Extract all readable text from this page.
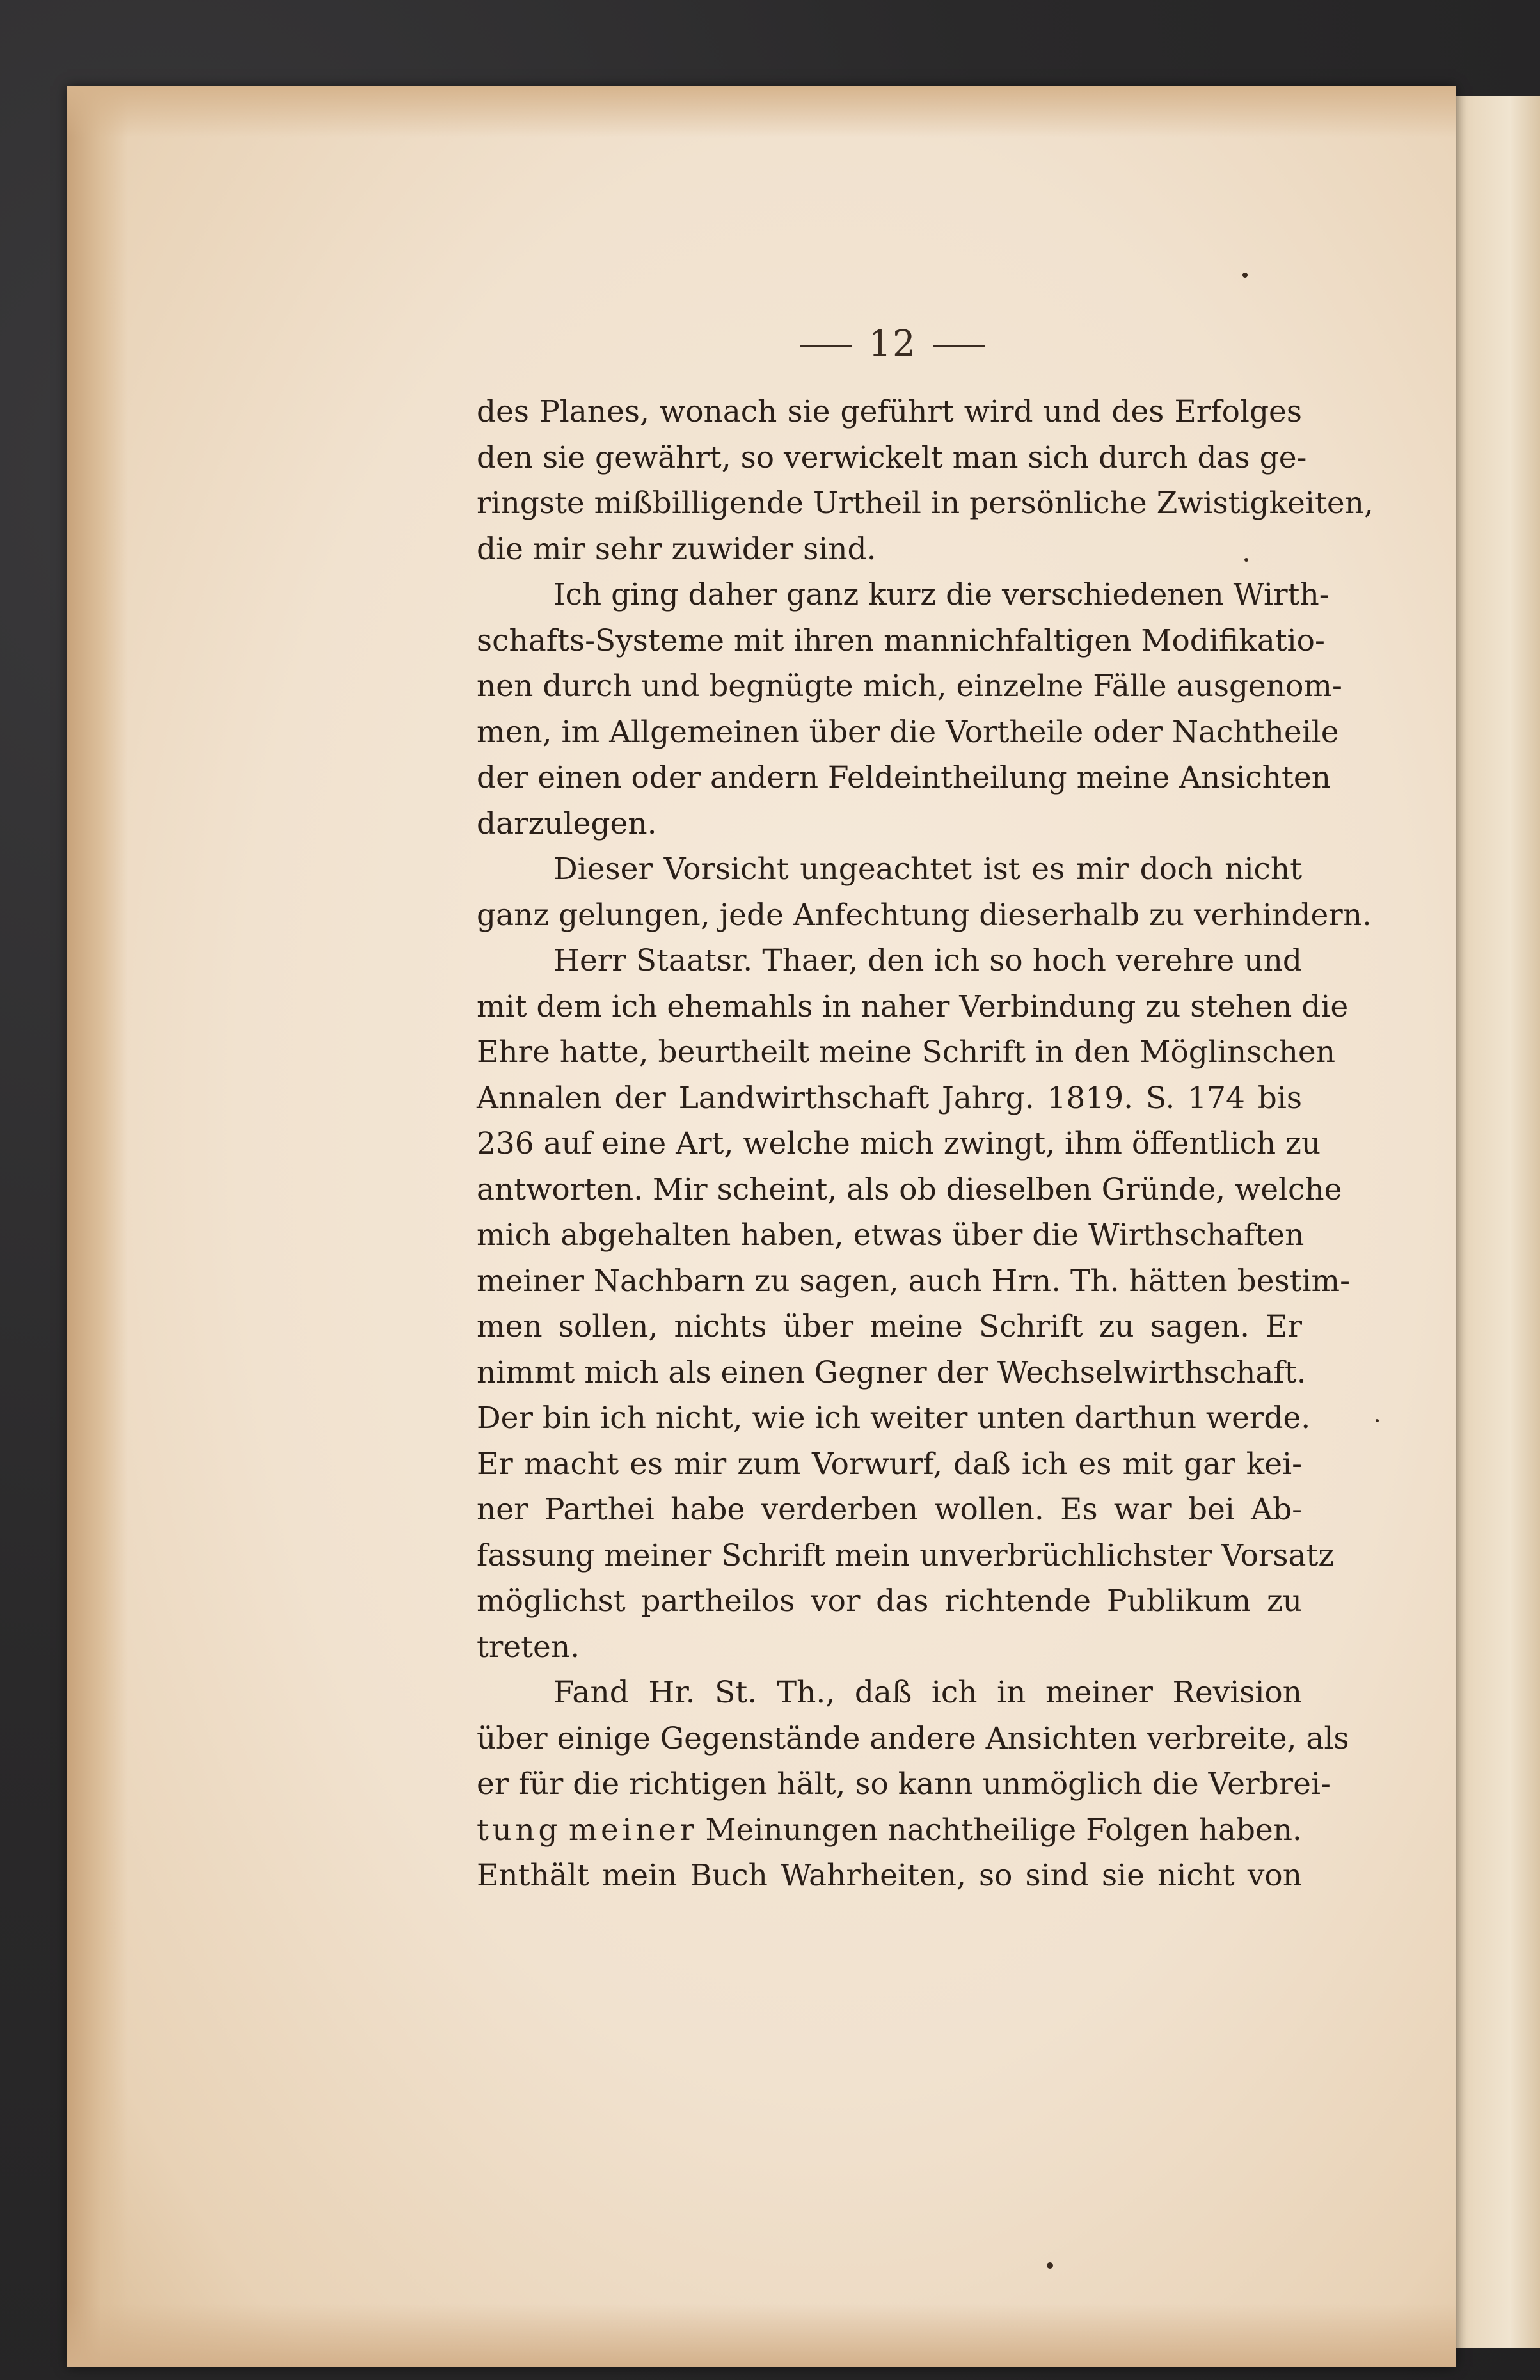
12
des Planes, wonach sie geführt wird und des Erfolges
den sie gewährt, so verwickelt man sich durch das ge-
ringste mißbilligende Urtheil in persönliche Zwistigkeiten,
die mir sehr zuwider sind.
Ich ging daher ganz kurz die verschiedenen Wirth-
schafts-Systeme mit ihren mannichfaltigen Modifikatio-
nen durch und begnügte mich, einzelne Fälle ausgenom-
men, im Allgemeinen über die Vortheile oder Nachtheile
der einen oder andern Feldeintheilung meine Ansichten
darzulegen.
Dieser Vorsicht ungeachtet ist es mir doch nicht
ganz gelungen, jede Anfechtung dieserhalb zu verhindern.
Herr Staatsr. Thaer, den ich so hoch verehre und
mit dem ich ehemahls in naher Verbindung zu stehen die
Ehre hatte, beurtheilt meine Schrift in den Möglinschen
Annalen der Landwirthschaft Jahrg. 1819. S. 174 bis
236 auf eine Art, welche mich zwingt, ihm öffentlich zu
antworten. Mir scheint, als ob dieselben Gründe, welche
mich abgehalten haben, etwas über die Wirthschaften
meiner Nachbarn zu sagen, auch Hrn. Th. hätten bestim-
men sollen, nichts über meine Schrift zu sagen. Er
nimmt mich als einen Gegner der Wechselwirthschaft.
Der bin ich nicht, wie ich weiter unten darthun werde.
Er macht es mir zum Vorwurf, daß ich es mit gar kei-
ner Parthei habe verderben wollen. Es war bei Ab-
fassung meiner Schrift mein unverbrüchlichster Vorsatz
möglichst partheilos vor das richtende Publikum zu
treten.
Fand Hr. St. Th., daß ich in meiner Revision
über einige Gegenstände andere Ansichten verbreite, als
er für die richtigen hält, so kann unmöglich die Verbrei-
tung meiner Meinungen nachtheilige Folgen haben.
Enthält mein Buch Wahrheiten, so sind sie nicht von
